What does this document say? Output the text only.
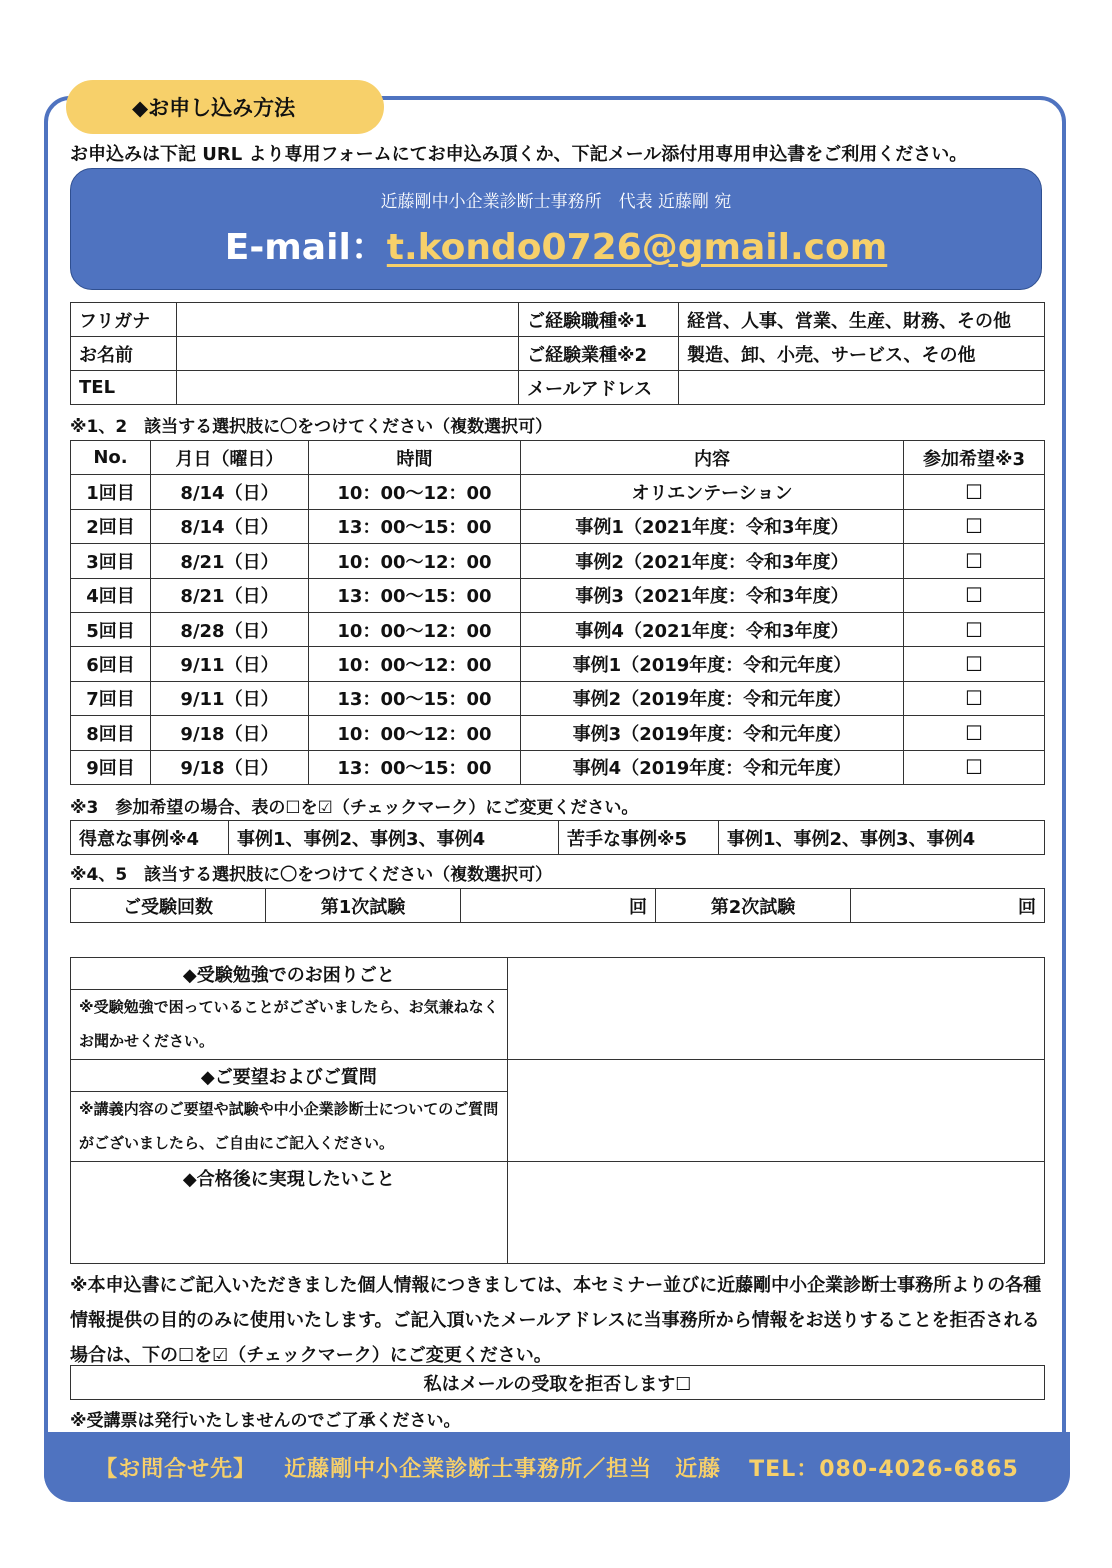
◆お申し込み方法
お申込みは下記 URL より専用フォームにてお申込み頂くか、下記メール添付用専用申込書をご利用ください。
近藤剛中小企業診断士事務所　代表 近藤剛 宛
E-mail：t.kondo0726@gmail.com
フリガナ		ご経験職種※1	経営、人事、営業、生産、財務、その他
お名前		ご経験業種※2	製造、卸、小売、サービス、その他
TEL		メールアドレス	
※1、2　該当する選択肢に〇をつけてください（複数選択可）
No.	月日（曜日）	時間	内容	参加希望※3
1回目	8/14（日）	10：00～12：00	オリエンテーション	☐
2回目	8/14（日）	13：00～15：00	事例1（2021年度：令和3年度）	☐
3回目	8/21（日）	10：00～12：00	事例2（2021年度：令和3年度）	☐
4回目	8/21（日）	13：00～15：00	事例3（2021年度：令和3年度）	☐
5回目	8/28（日）	10：00～12：00	事例4（2021年度：令和3年度）	☐
6回目	9/11（日）	10：00～12：00	事例1（2019年度：令和元年度）	☐
7回目	9/11（日）	13：00～15：00	事例2（2019年度：令和元年度）	☐
8回目	9/18（日）	10：00～12：00	事例3（2019年度：令和元年度）	☐
9回目	9/18（日）	13：00～15：00	事例4（2019年度：令和元年度）	☐
※3　参加希望の場合、表の☐を☑（チェックマーク）にご変更ください。
得意な事例※4	事例1、事例2、事例3、事例4	苦手な事例※5	事例1、事例2、事例3、事例4
※4、5　該当する選択肢に〇をつけてください（複数選択可）
ご受験回数	第1次試験	回	第2次試験	回
◆受験勉強でのお困りごと	
※受験勉強で困っていることがございましたら、お気兼ねなくお聞かせください。	
◆ご要望およびご質問	
※講義内容のご要望や試験や中小企業診断士についてのご質問がございましたら、ご自由にご記入ください。	
◆合格後に実現したいこと	

※本申込書にご記入いただきました個人情報につきましては、本セミナー並びに近藤剛中小企業診断士事務所よりの各種情報提供の目的のみに使用いたします。ご記入頂いたメールアドレスに当事務所から情報をお送りすることを拒否される場合は、下の☐を☑（チェックマーク）にご変更ください。
私はメールの受取を拒否します☐
※受講票は発行いたしませんのでご了承ください。
【お問合せ先】 近藤剛中小企業診断士事務所／担当　近藤 TEL：080-4026-6865
